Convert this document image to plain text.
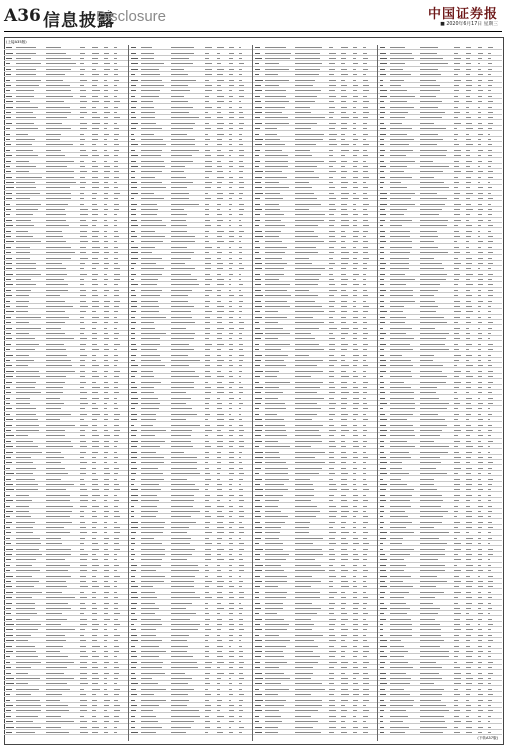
A36 信息披露
Disclosure	中国证券报
■ 2020年6月17日 星期三
(上接A35版)
(下转A37版)
